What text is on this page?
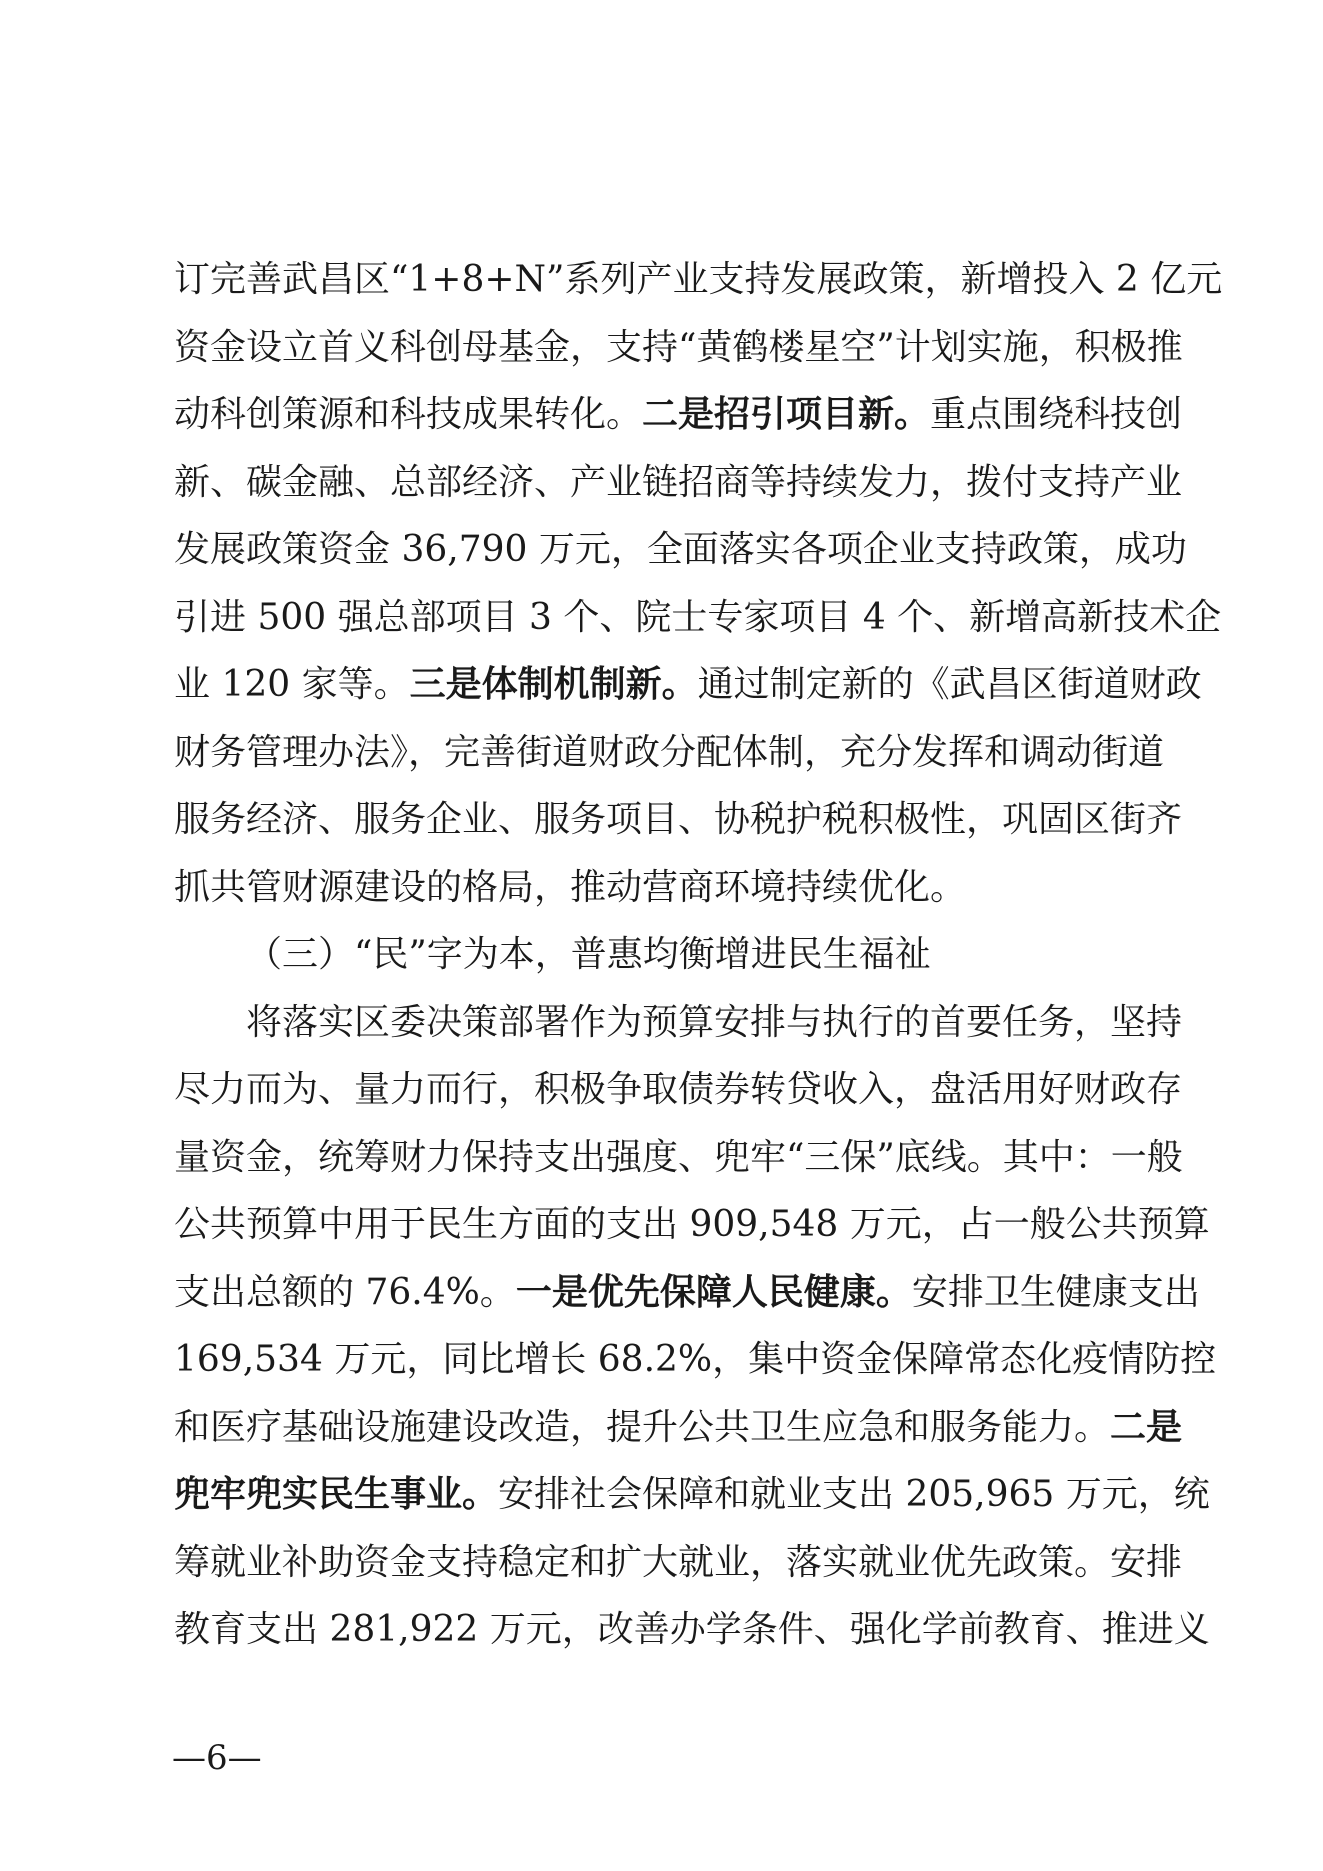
订完善武昌区“1+8+N”系列产业支持发展政策，新增投入 2 亿元
资金设立首义科创母基金，支持“黄鹤楼星空”计划实施，积极推
动科创策源和科技成果转化。二是招引项目新。重点围绕科技创
新、碳金融、总部经济、产业链招商等持续发力，拨付支持产业
发展政策资金 36,790 万元，全面落实各项企业支持政策，成功
引进 500 强总部项目 3 个、院士专家项目 4 个、新增高新技术企
业 120 家等。三是体制机制新。通过制定新的《武昌区街道财政
财务管理办法》，完善街道财政分配体制，充分发挥和调动街道
服务经济、服务企业、服务项目、协税护税积极性，巩固区街齐
抓共管财源建设的格局，推动营商环境持续优化。
（三）“民”字为本，普惠均衡增进民生福祉
将落实区委决策部署作为预算安排与执行的首要任务，坚持
尽力而为、量力而行，积极争取债券转贷收入，盘活用好财政存
量资金，统筹财力保持支出强度、兜牢“三保”底线。其中：一般
公共预算中用于民生方面的支出 909,548 万元，占一般公共预算
支出总额的 76.4%。一是优先保障人民健康。安排卫生健康支出
169,534 万元，同比增长 68.2%，集中资金保障常态化疫情防控
和医疗基础设施建设改造，提升公共卫生应急和服务能力。二是
兜牢兜实民生事业。安排社会保障和就业支出 205,965 万元，统
筹就业补助资金支持稳定和扩大就业，落实就业优先政策。安排
教育支出 281,922 万元，改善办学条件、强化学前教育、推进义
—6—
